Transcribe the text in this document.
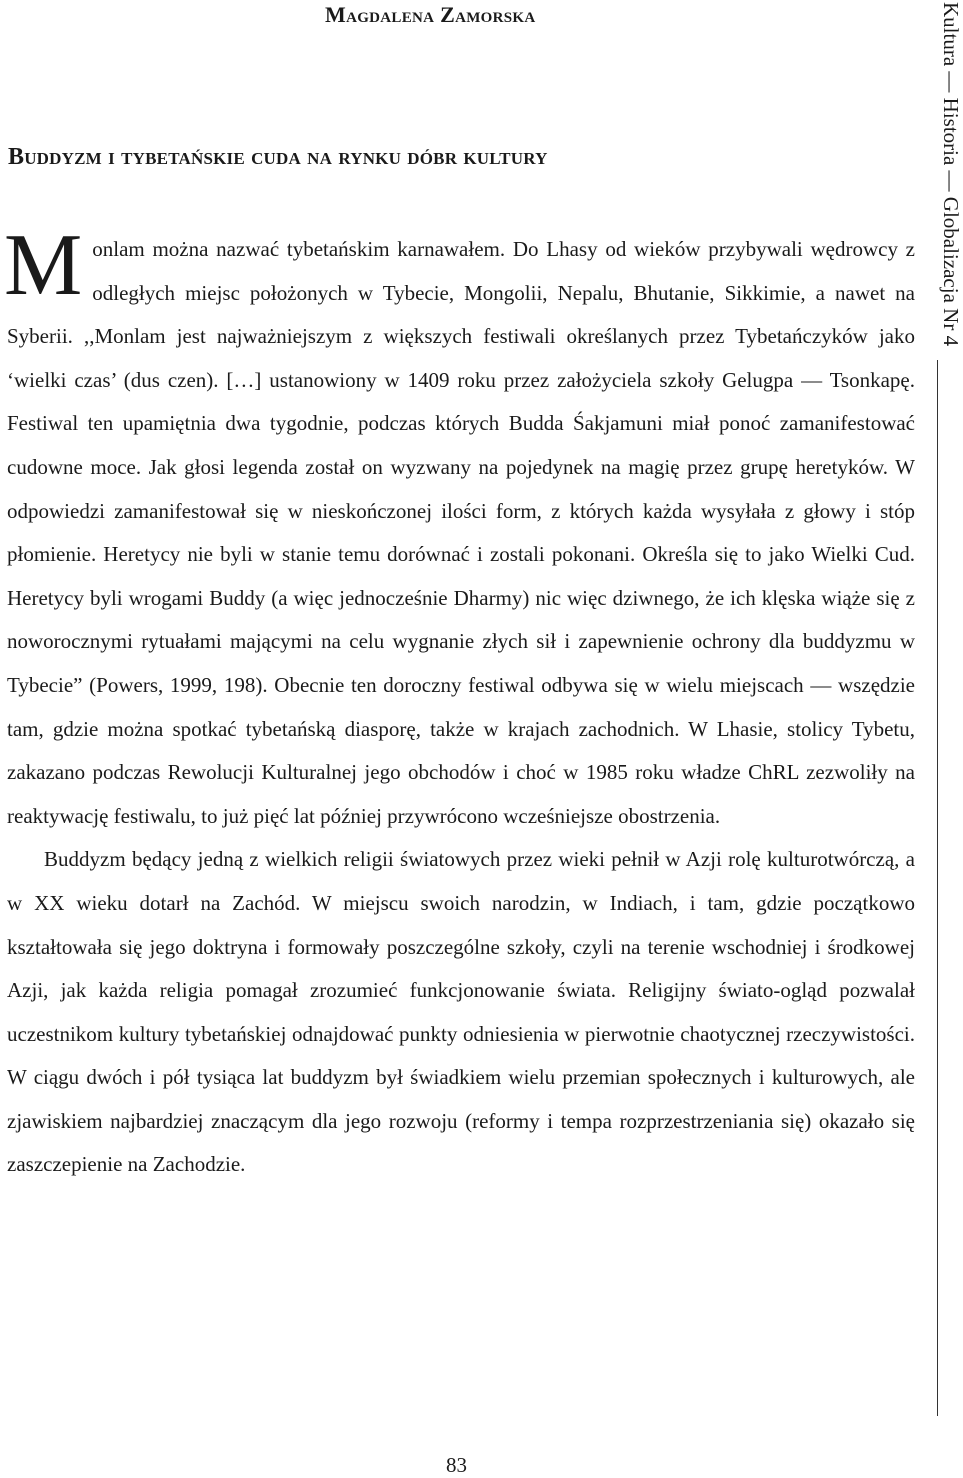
Magdalena Zamorska
Buddyzm i tybetańskie cuda na rynku dóbr kultury

Monlam można nazwać tybetańskim karnawałem. Do Lhasy od wieków przybywali wędrowcy z odległych miejsc położonych w Tybecie, Mongolii, Nepalu, Bhutanie, Sikkimie, a nawet na Syberii. ,,Monlam jest najważniejszym z większych festiwali określanych przez Tybetańczyków jako ‘wielki czas’ (dus czen). […] ustanowiony w 1409 roku przez założyciela szkoły Gelugpa — Tsonkapę. Festiwal ten upamiętnia dwa tygodnie, podczas których Budda Śakjamuni miał ponoć zamanifestować cudowne moce. Jak głosi legenda został on wyzwany na pojedynek na magię przez grupę heretyków. W odpowiedzi zamanifestował się w nieskończonej ilości form, z których każda wysyłała z głowy i stóp płomienie. Heretycy nie byli w stanie temu dorównać i zostali pokonani. Określa się to jako Wielki Cud. Heretycy byli wrogami Buddy (a więc jednocześnie Dharmy) nic więc dziwnego, że ich klęska wiąże się z noworocznymi rytuałami mającymi na celu wygnanie złych sił i zapewnienie ochrony dla buddyzmu w Tybecie” (Powers, 1999, 198). Obecnie ten doroczny festiwal odbywa się w wielu miejscach — wszędzie tam, gdzie można spotkać tybetańską diasporę, także w krajach zachodnich. W Lhasie, stolicy Tybetu, zakazano podczas Rewolucji Kulturalnej jego obchodów i choć w 1985 roku władze ChRL zezwoliły na reaktywację festiwalu, to już pięć lat później przywrócono wcześniejsze obostrzenia.

Buddyzm będący jedną z wielkich religii światowych przez wieki pełnił w Azji rolę kulturotwórczą, a w XX wieku dotarł na Zachód. W miejscu swoich narodzin, w Indiach, i tam, gdzie początkowo kształtowała się jego doktryna i formowały poszczególne szkoły, czyli na terenie wschodniej i środkowej Azji, jak każda religia pomagał zrozumieć funkcjonowanie świata. Religijny świato-ogląd pozwalał uczestnikom kultury tybetańskiej odnajdować punkty odniesienia w pierwotnie chaotycznej rzeczywistości. W ciągu dwóch i pół tysiąca lat buddyzm był świadkiem wielu przemian społecznych i kulturowych, ale zjawiskiem najbardziej znaczącym dla jego rozwoju (reformy i tempa rozprzestrzeniania się) okazało się zaszczepienie na Zachodzie.

Kultura — Historia — Globalizacja Nr 4

83
